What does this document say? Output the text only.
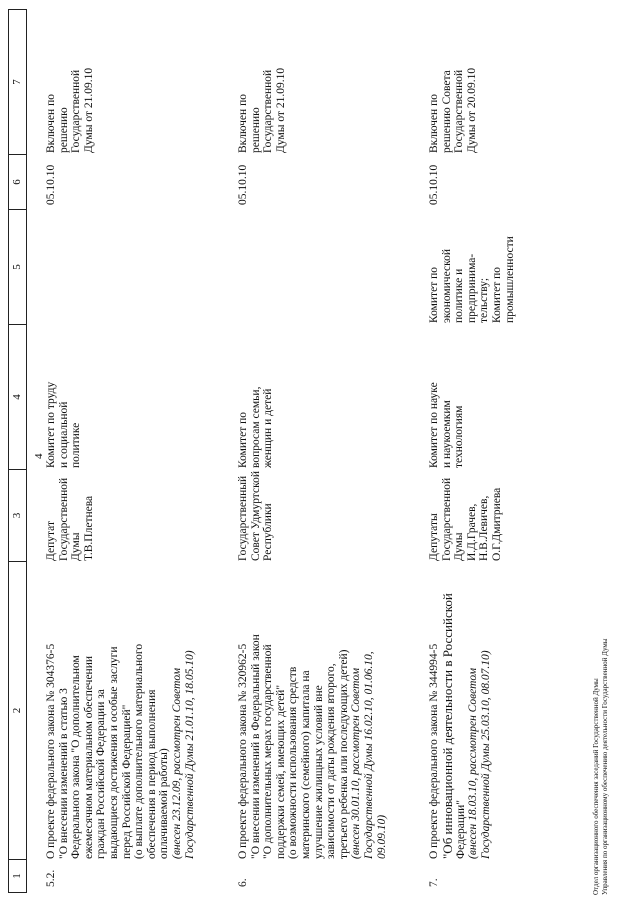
4
1
2
3
4
5
6
7
5.2.
О проекте федерального закона № 304376-5 "О внесении изменений в статью 3 Федерального закона "О дополнительном ежемесячном материальном обеспечении граждан Российской Федерации за выдающиеся достижения и особые заслуги перед Российской Федерацией" (о выплате дополнительного материального обеспечения в период выполнения оплачиваемой работы) (внесен 23.12.09, рассмотрен Советом Государственной Думы 21.01.10, 18.05.10)
Депутат Государственной Думы Т.В.Плетнева
Комитет по труду и социальной политике
05.10.10
Включен по решению Государственной Думы от 21.09.10
6.
О проекте федерального закона № 320962-5 "О внесении изменений в Федеральный закон "О дополнительных мерах государственной поддержки семей, имеющих детей" (о возможности использования средств материнского (семейного) капитала на улучшение жилищных условий вне зависимости от даты рождения второго, третьего ребенка или последующих детей) (внесен 30.01.10, рассмотрен Советом Государственной Думы 16.02.10, 01.06.10, 09.09.10)
Государственный Совет Удмуртской Республики
Комитет по вопросам семьи, женщин и детей
05.10.10
Включен по решению Государственной Думы от 21.09.10
7.
О проекте федерального закона № 344994-5 "Об инновационной деятельности в Российской Федерации" (внесен 18.03.10, рассмотрен Советом Государственной Думы 25.03.10, 08.07.10)
Депутаты Государственной Думы И.Д.Грачев, Н.В.Левичев, О.Г.Дмитриева
Комитет по науке и наукоемким технологиям
Комитет по экономической политике и предпринима- тельству; Комитет по промышленности
05.10.10
Включен по решению Совета Государственной Думы от 20.09.10
Отдел организационного обеспечения заседаний Государственной Думы Управления по организационному обеспечению деятельности Государственной Думы
